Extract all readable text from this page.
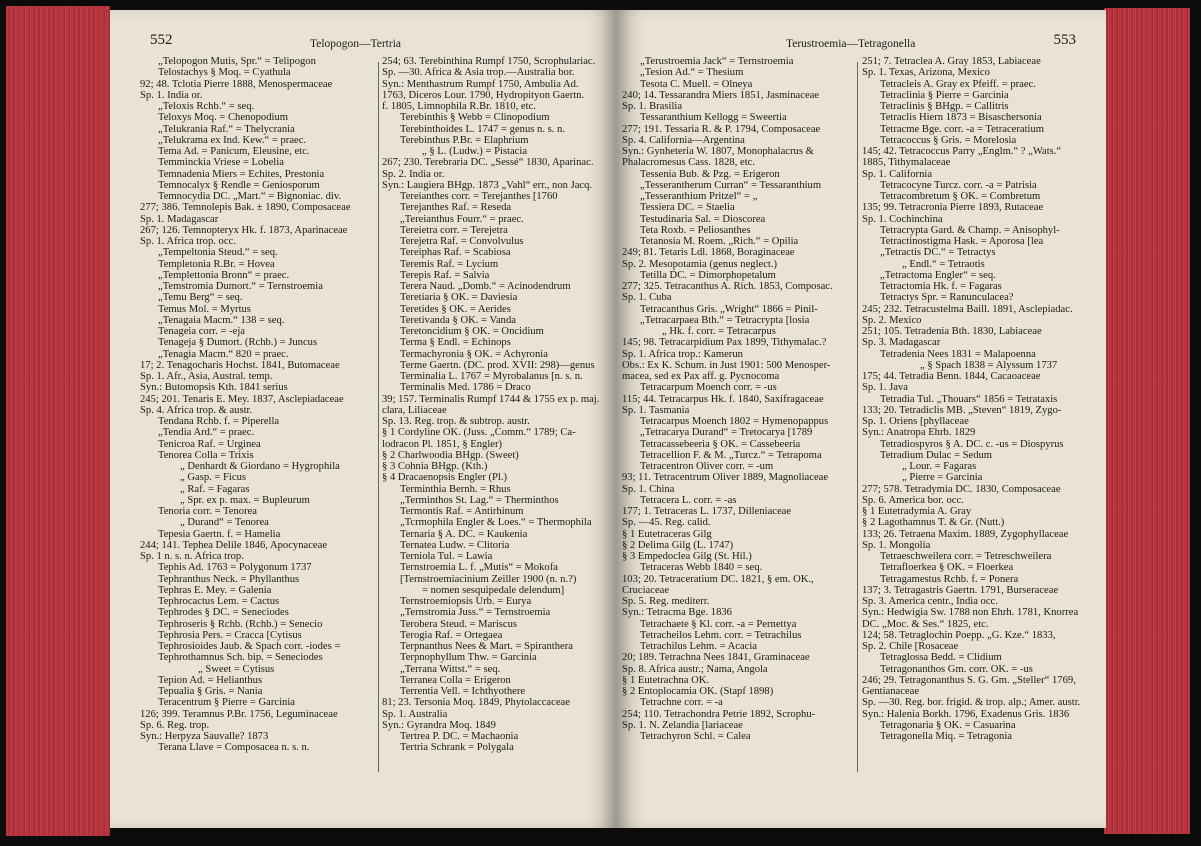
552	Telopogon—Tertria
„Telopogon Mutis, Spr.“ = Telipogon
Telostachys § Moq. = Cyathula
92; 48. Tclotia Pierre 1888, Menospermaceae
Sp. 1. India or.
„Teloxis Rchb.“ = seq.
Teloxys Moq. = Chenopodium
„Telukrania Raf.“ = Thelycrania
„Telukrama ex Ind. Kew.“ = praec.
Tema Ad. = Panicum, Eleusine, etc.
Temminckia Vriese = Lobelia
Temnadenia Miers = Echites, Prestonia
Temnocalyx § Rendle = Geniosporum
Temnocydia DC. „Mart.“ = Bignoniac. div.
277; 386. Temnolepis Bak. ± 1890, Composaceae
Sp. 1. Madagascar
267; 126. Temnopteryx Hk. f. 1873, Aparinaceae
Sp. 1. Africa trop. occ.
„Tempeltonia Steud.“ = seq.
Templetonia R.Br. = Hovea
„Templettonia Bronn“ = praec.
„Temstromia Dumort.“ = Ternstroemia
„Temu Berg“ = seq.
Temus Mol. = Myrtus
„Tenagaia Macm.“ 138 = seq.
Tenageia corr. = -eja
Tenageja § Dumort. (Rchb.) = Juncus
„Tenagia Macm.“ 820 = praec.
17; 2. Tenagocharis Hochst. 1841, Butomaceae
Sp. 1. Afr., Asia, Austral. temp.
Syn.: Butomopsis Kth. 1841 serius
245; 201. Tenaris E. Mey. 1837, Asclepiadaceae
Sp. 4. Africa trop. & austr.
Tendana Rchb. f. = Piperella
„Tendia Ard.“ = praec.
Tenicroa Raf. = Urginea
Tenorea Colla = Trixis
„ Denhardt & Giordano = Hygrophila
„ Gasp. = Ficus
„ Raf. = Fagaras
„ Spr. ex p. max. = Bupleurum
Tenoria corr. = Tenorea
„ Durand“ = Tenorea
Tepesia Gaertn. f. = Hamelia
244; 141. Tephea Delile 1846, Apocynaceae
Sp. 1 n. s. n. Africa trop.
Tephis Ad. 1763 = Polygonum 1737
Tephranthus Neck. = Phyllanthus
Tephras E. Mey. = Galenia
Tephrocactus Lem. = Cactus
Tephrodes § DC. = Seneciodes
Tephroseris § Rchb. (Rchb.) = Senecio
Tephrosia Pers. = Cracca [Cytisus
Tephrosioides Jaub. & Spach corr. -iodes =
Tephrothamnus Sch. bip. = Seneciodes
„ Sweet = Cytisus
Tepion Ad. = Helianthus
Tepualia § Gris. = Nania
Teracentrum § Pierre = Garcinia
126; 399. Teramnus P.Br. 1756, Leguminaceae
Sp. 6. Reg. trop.
Syn.: Herpyza Sauvalle? 1873
Terana Llave = Composacea n. s. n.
254; 63. Terebinthina Rumpf 1750, Scrophulariac.
Sp. —30. Africa & Asia trop.—Australia bor.
Syn.: Menthastrum Rumpf 1750, Ambulia Ad.
1763, Diceros Lour. 1790, Hydropityon Gaertn.
f. 1805, Limnophila R.Br. 1810, etc.
Terebinthis § Webb = Clinopodium
Terebinthoides L. 1747 = genus n. s. n.
Terebinthus P.Br. = Elaphrium
„ § L. (Ludw.) = Pistacia
267; 230. Terebraria DC. „Sessé“ 1830, Aparinac.
Sp. 2. India or.
Syn.: Laugiera BHgp. 1873 „Vahl“ err., non Jacq.
Tereianthes corr. = Terejanthes [1760
Terejanthes Raf. = Reseda
„Tereianthus Fourr.“ = praec.
Tereietra corr. = Terejetra
Terejetra Raf. = Convolvulus
Tereiphas Raf. = Scabiosa
Teremis Raf. = Lycium
Terepis Raf. = Salvia
Terera Naud. „Domb.“ = Acinodendrum
Teretiaria § OK. = Daviesia
Teretides § OK. = Aerides
Teretivanda § OK. = Vanda
Teretoncidium § OK. = Oncidium
Terma § Endl. = Echinops
Termachyronia § OK. = Achyronia
Terme Gaertn. (DC. prod. XVII: 298)—genus
Terminalia L. 1767 = Myrobalanus [n. s. n.
Terminalis Med. 1786 = Draco
39; 157. Terminalis Rumpf 1744 & 1755 ex p. maj.
clara, Liliaceae
Sp. 13. Reg. trop. & subtrop. austr.
§ 1 Cordyline OK. (Juss. „Comm.“ 1789; Ca-
lodracon Pl. 1851, § Engler)
§ 2 Charlwoodia BHgp. (Sweet)
§ 3 Cohnia BHgp. (Kth.)
§ 4 Dracaenopsis Engler (Pl.)
Terminthia Bernh. = Rhus
„Terminthos St. Lag.“ = Therminthos
Termontis Raf. = Antirhinum
„Tcrmophila Engler & Loes.“ = Thermophila
Ternaria § A. DC. = Kaukenia
Ternatea Ludw. = Clitoria
Terniola Tul. = Lawia
Ternstroemia L. f. „Mutis“ = Mokofa
[Ternstroemiacinium Zeiller 1900 (n. n.?)
= nomen sesquipedale delendum]
Ternstroemiopsis Urb. = Eurya
„Ternstromia Juss.“ = Ternstroemia
Terobera Steud. = Mariscus
Terogia Raf. = Ortegaea
Terpnanthus Nees & Mart. = Spiranthera
Terpnophyllum Thw. = Garcinia
„Terrana Wittst.“ = seq.
Terranea Colla = Erigeron
Terrentia Vell. = Ichthyothere
81; 23. Tersonia Moq. 1849, Phytolaccaceae
Sp. 1. Australia
Syn.: Gyrandra Moq. 1849
Tertrea P. DC. = Machaonia
Tertria Schrank = Polygala
Terustroemia—Tetragonella	553
„Terustroemia Jack“ = Ternstroemia
„Tesion Ad.“ = Thesium
Tesota C. Muell. = Olneya
240; 14. Tessarandra Miers 1851, Jasminaceae
Sp. 1. Brasilia
Tessaranthium Kellogg = Sweertia
277; 191. Tessaria R. & P. 1794, Composaceae
Sp. 4. California—Argentina
Syn.: Gynheteria W. 1807, Monophalacrus &
Phalacromesus Cass. 1828, etc.
Tessenia Bub. & Pzg. = Erigeron
„Tesserantherum Curran“ = Tessaranthium
„Tesseranthium Pritzel“ = „
Tessiera DC. = Staelia
Testudinaria Sal. = Dioscorea
Teta Roxb. = Peliosanthes
Tetanosia M. Roem. „Rich.“ = Opilia
249; 81. Tetaris Ldl. 1868, Boraginaceae
Sp. 2. Mesopotamia (genus neglect.)
Tetilla DC. = Dimorphopetalum
277; 325. Tetracanthus A. Rich. 1853, Composac.
Sp. 1. Cuba
Tetracanthus Gris. „Wright“ 1866 = Pinil-
„Tetracarpaea Bth.“ = Tetracrypta [losia
„ Hk. f. corr. = Tetracarpus
145; 98. Tetracarpidium Pax 1899, Tithymalac.?
Sp. 1. Africa trop.: Kamerun
Obs.: Ex K. Schum. in Just 1901: 500 Menosper-
macea, sed ex Pax aff. g. Pycnocoma
Tetracarpum Moench corr. = -us
115; 44. Tetracarpus Hk. f. 1840, Saxifragaceae
Sp. 1. Tasmania
Tetracarpus Moench 1802 = Hymenopappus
„Tetracarya Durand“ = Tretocarya [1789
Tetracassebeeria § OK. = Cassebeeria
Tetracellion F. & M. „Turcz.“ = Tetrapoma
Tetracentron Oliver corr. = -um
93; 11. Tetracentrum Oliver 1889, Magnoliaceae
Sp. 1. China
Tetracera L. corr. = -as
177; 1. Tetraceras L. 1737, Dilleniaceae
Sp. —45. Reg. calid.
§ 1 Eutetraceras Gilg
§ 2 Delima Gilg (L. 1747)
§ 3 Empedoclea Gilg (St. Hil.)
Tetraceras Webb 1840 = seq.
103; 20. Tetraceratium DC. 1821, § em. OK.,
Cruciaceae
Sp. 5. Reg. mediterr.
Syn.: Tetracma Bge. 1836
Tetrachaete § Kl. corr. -a = Pernettya
Tetracheilos Lehm. corr. = Tetrachilus
Tetrachilus Lehm. = Acacia
20; 189. Tetrachna Nees 1841, Graminaceae
Sp. 8. Africa austr.; Nama, Angola
§ 1 Eutetrachna OK.
§ 2 Entoplocamia OK. (Stapf 1898)
Tetrachne corr. = -a
254; 110. Tetrachondra Petrie 1892, Scrophu-
Sp. 1. N. Zelandia [lariaceae
Tetrachyron Schl. = Calea
251; 7. Tetraclea A. Gray 1853, Labiaceae
Sp. 1. Texas, Arizona, Mexico
Tetracleis A. Gray ex Pfeiff. = praec.
Tetraclinia § Pierre = Garcinia
Tetraclinis § BHgp. = Callitris
Tetraclis Hiern 1873 = Bisaschersonia
Tetracme Bge. corr. -a = Tetraceratium
Tetracoccus § Gris. = Morelosia
145; 42. Tetracoccus Parry „Englm.“ ? „Wats.“
1885, Tithymalaceae
Sp. 1. California
Tetracocyne Turcz. corr. -a = Patrisia
Tetracombretum § OK. = Combretum
135; 99. Tetracronia Pierre 1893, Rutaceae
Sp. 1. Cochinchina
Tetracrypta Gard. & Champ. = Anisophyl-
Tetractinostigma Hask. = Aporosa [lea
„Tetractis DC.“ = Tetractys
„ Endl.“ = Tetraotis
„Tetractoma Engler“ = seq.
Tetractomia Hk. f. = Fagaras
Tetractys Spr. = Ranunculacea?
245; 232. Tetracustelma Baill. 1891, Asclepiadac.
Sp. 2. Mexico
251; 105. Tetradenia Bth. 1830, Labiaceae
Sp. 3. Madagascar
Tetradenia Nees 1831 = Malapoenna
„ § Spach 1838 = Alyssum 1737
175; 44. Tetradia Benn. 1844, Cacaoaceae
Sp. 1. Java
Tetradia Tul. „Thouars“ 1856 = Tetrataxis
133; 20. Tetradiclis MB. „Steven“ 1819, Zygo-
Sp. 1. Oriens [phyllaceae
Syn.: Anatropa Ehrb. 1829
Tetradiospyros § A. DC. c. -us = Diospyrus
Tetradium Dulac = Sedum
„ Lour. = Fagaras
„ Pierre = Garcinia
277; 578. Tetradymia DC. 1830, Composaceae
Sp. 6. America bor. occ.
§ 1 Eutetradymia A. Gray
§ 2 Lagothamnus T. & Gr. (Nutt.)
133; 26. Tetraena Maxim. 1889, Zygophyllaceae
Sp. 1. Mongolia
Tetraeschweilera corr. = Tetreschweilera
Tetrafloerkea § OK. = Floerkea
Tetragamestus Rchb. f. = Ponera
137; 3. Tetragastris Gaertn. 1791, Burseraceae
Sp. 3. America centr., India occ.
Syn.: Hedwigia Sw. 1788 non Ehrh. 1781, Knorrea
DC. „Moc. & Ses.“ 1825, etc.
124; 58. Tetraglochin Poepp. „G. Kze.“ 1833,
Sp. 2. Chile [Rosaceae
Tetraglossa Bedd. = Clidium
Tetragonanthos Gm. corr. OK. = -us
246; 29. Tetragonanthus S. G. Gm. „Steller“ 1769,
Gentianaceae
Sp. —30. Reg. bor. frigid. & trop. alp.; Amer. austr.
Syn.: Halenia Borkh. 1796, Exadenus Gris. 1836
Tetragonaria § OK. = Casuarina
Tetragonella Miq. = Tetragonia
